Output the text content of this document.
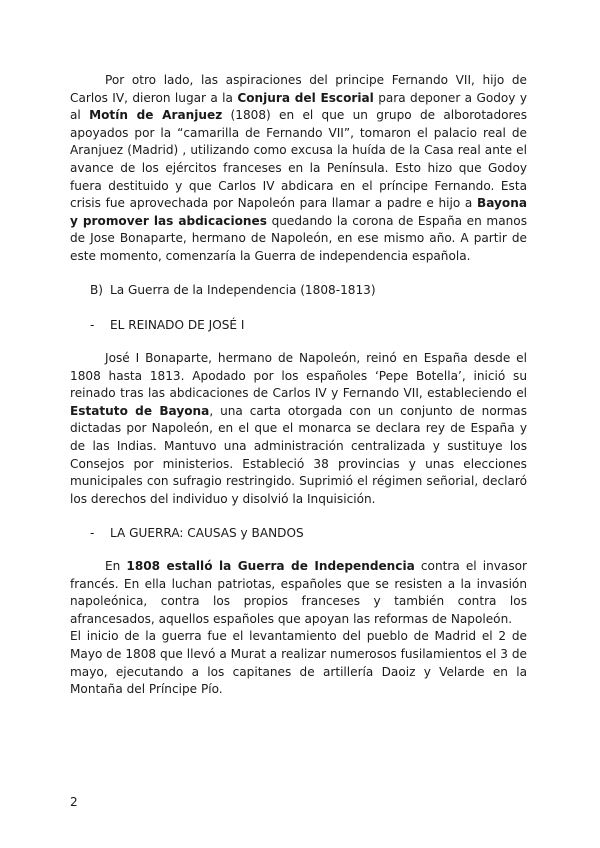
Por otro lado, las aspiraciones del principe Fernando VII, hijo de Carlos IV, dieron lugar a la Conjura del Escorial para deponer a Godoy y al Motín de Aranjuez (1808) en el que un grupo de alborotadores apoyados por la “camarilla de Fernando VII”, tomaron el palacio real de Aranjuez (Madrid) , utilizando como excusa la huída de la Casa real ante el avance de los ejércitos franceses en la Península. Esto hizo que Godoy fuera destituido y que Carlos IV abdicara en el príncipe Fernando. Esta crisis fue aprovechada por Napoleón para llamar a padre e hijo a Bayona y promover las abdicaciones quedando la corona de España en manos de Jose Bonaparte, hermano de Napoleón, en ese mismo año. A partir de este momento, comenzaría la Guerra de independencia española.

B) La Guerra de la Independencia (1808-1813)

- EL REINADO DE JOSÉ I

José I Bonaparte, hermano de Napoleón, reinó en España desde el 1808 hasta 1813. Apodado por los españoles ‘Pepe Botella’, inició su reinado tras las abdicaciones de Carlos IV y Fernando VII, estableciendo el Estatuto de Bayona, una carta otorgada con un conjunto de normas dictadas por Napoleón, en el que el monarca se declara rey de España y de las Indias. Mantuvo una administración centralizada y sustituye los Consejos por ministerios. Estableció 38 provincias y unas elecciones municipales con sufragio restringido. Suprimió el régimen señorial, declaró los derechos del individuo y disolvió la Inquisición.

- LA GUERRA: CAUSAS y BANDOS

En 1808 estalló la Guerra de Independencia contra el invasor francés. En ella luchan patriotas, españoles que se resisten a la invasión napoleónica, contra los propios franceses y también contra los afrancesados, aquellos españoles que apoyan las reformas de Napoleón.
El inicio de la guerra fue el levantamiento del pueblo de Madrid el 2 de Mayo de 1808 que llevó a Murat a realizar numerosos fusilamientos el 3 de mayo, ejecutando a los capitanes de artillería Daoiz y Velarde en la Montaña del Príncipe Pío.

2
